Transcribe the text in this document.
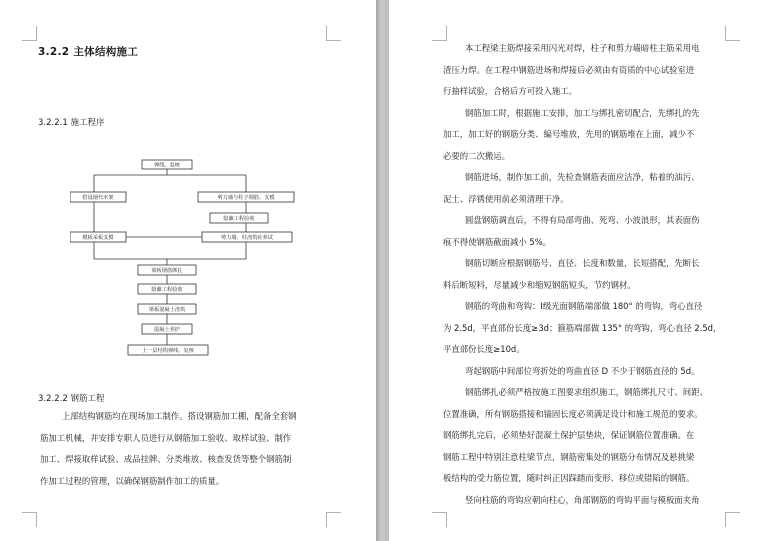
3.2.2 主体结构施工
3.2.2.1 施工程序
弹线、复核
搭设钢代木架
模板采板支模
剪力墙与柱子钢筋、支模
隐蔽工程验收
剪力墙、柱浇筑砼养试
梁板钢筋绑扎
隐蔽工程验收
梁板混凝土浇筑
混凝土养护
上一层结构弹线、复核
3.2.2.2 钢筋工程

上部结构钢筋均在现场加工制作。搭设钢筋加工棚，配备全套钢
筋加工机械，并安排专职人员进行从钢筋加工验收、取样试验、制作
加工、焊接取样试验、成品挂牌、分类堆放、核查发货等整个钢筋制
作加工过程的管理，以确保钢筋制作加工的质量。

本工程梁主筋焊接采用闪光对焊，柱子和剪力墙暗柱主筋采用电
渣压力焊。在工程中钢筋进场和焊接后必须由有资质的中心试验室进
行抽样试验，合格后方可投入施工。
钢筋加工时，根据施工安排，加工与绑扎密切配合，先绑扎的先
加工，加工好的钢筋分类、编号堆放，先用的钢筋堆在上面，减少不
必要的二次搬运。
钢筋进场，制作加工前，先检查钢筋表面应洁净，粘着的油污、
泥土、浮锈使用前必须清理干净。
圆盘钢筋调直后，不得有局部弯曲、死弯、小波浪形，其表面伤
痕不得使钢筋截面减小 5%。
钢筋切断应根据钢筋号、直径、长度和数量，长短搭配，先断长
料后断短料，尽量减少和缩短钢筋短头，节约钢材。
钢筋的弯曲和弯钩：I级光面钢筋端部做 180° 的弯钩，弯心直径
为 2.5d，平直部份长度≥3d；箍筋端部做 135° 的弯钩，弯心直径 2.5d，
平直部份长度≥10d。
弯起钢筋中间部位弯折处的弯曲直径 D 不少于钢筋直径的 5d。
钢筋绑扎必须严格按施工图要求组织施工，钢筋绑扎尺寸、间距、
位置准确，所有钢筋搭接和锚固长度必须满足设计和施工规范的要求。
钢筋绑扎完后，必须垫好混凝土保护层垫块，保证钢筋位置准确。在
钢筋工程中特别注意柱梁节点，钢筋密集处的钢筋分布情况及悬挑梁
板结构的受力筋位置，随时纠正因踩踏而变形、移位或错陷的钢筋。
竖向柱筋的弯钩应朝向柱心，角部钢筋的弯钩平面与模板面夹角
